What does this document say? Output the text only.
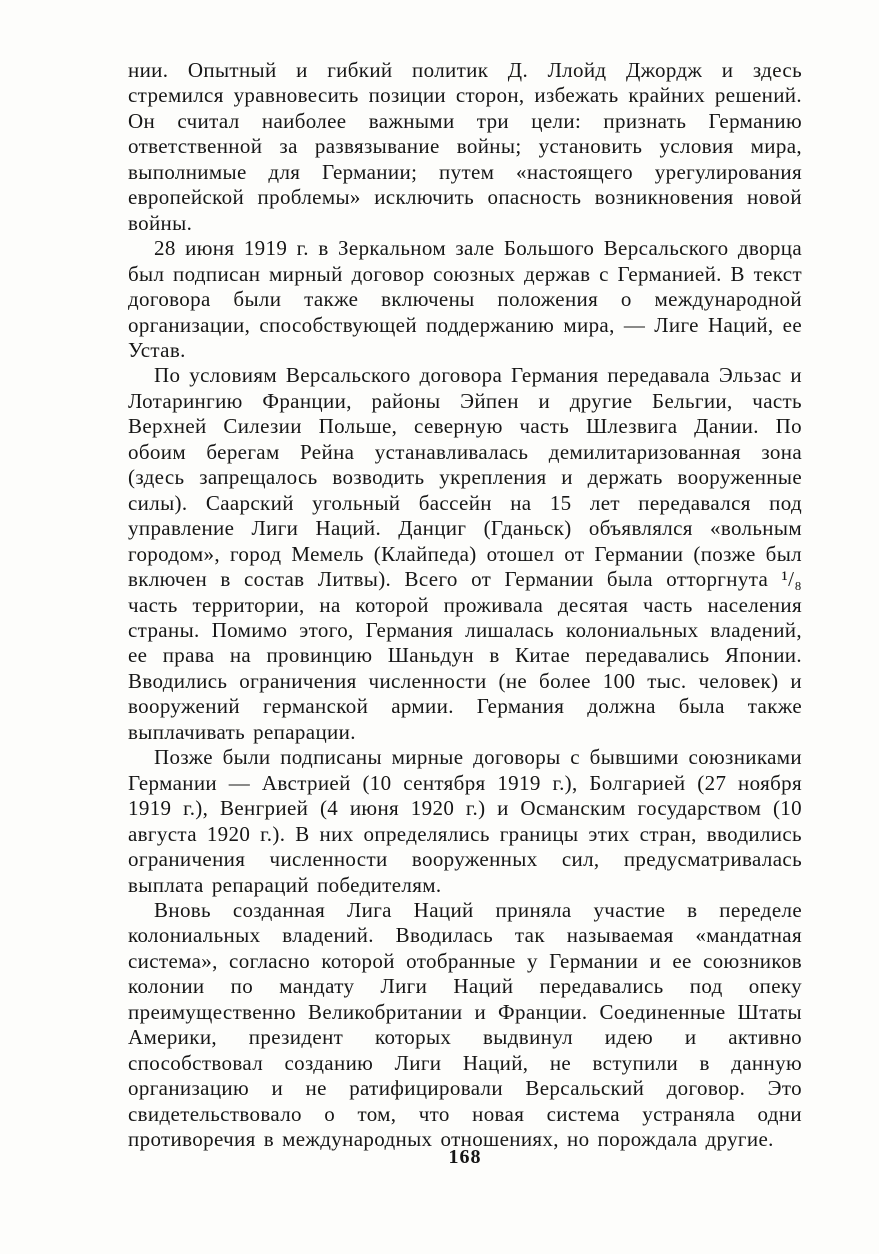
нии. Опытный и гибкий политик Д. Ллойд Джордж и здесь стремился уравновесить позиции сторон, избежать крайних решений. Он считал наиболее важными три цели: признать Германию ответственной за развязывание войны; установить условия мира, выполнимые для Германии; путем «настоящего урегулирования европейской проблемы» исключить опасность возникновения новой войны.

28 июня 1919 г. в Зеркальном зале Большого Версальского дворца был подписан мирный договор союзных держав с Германией. В текст договора были также включены положения о международной организации, способствующей поддержанию мира, — Лиге Наций, ее Устав.

По условиям Версальского договора Германия передавала Эльзас и Лотарингию Франции, районы Эйпен и другие Бельгии, часть Верхней Силезии Польше, северную часть Шлезвига Дании. По обоим берегам Рейна устанавливалась демилитаризованная зона (здесь запрещалось возводить укрепления и держать вооруженные силы). Саарский угольный бассейн на 15 лет передавался под управление Лиги Наций. Данциг (Гданьск) объявлялся «вольным городом», город Мемель (Клайпеда) отошел от Германии (позже был включен в состав Литвы). Всего от Германии была отторгнута ¹/₈ часть территории, на которой проживала десятая часть населения страны. Помимо этого, Германия лишалась колониальных владений, ее права на провинцию Шаньдун в Китае передавались Японии. Вводились ограничения численности (не более 100 тыс. человек) и вооружений германской армии. Германия должна была также выплачивать репарации.

Позже были подписаны мирные договоры с бывшими союзниками Германии — Австрией (10 сентября 1919 г.), Болгарией (27 ноября 1919 г.), Венгрией (4 июня 1920 г.) и Османским государством (10 августа 1920 г.). В них определялись границы этих стран, вводились ограничения численности вооруженных сил, предусматривалась выплата репараций победителям.

Вновь созданная Лига Наций приняла участие в переделе колониальных владений. Вводилась так называемая «мандатная система», согласно которой отобранные у Германии и ее союзников колонии по мандату Лиги Наций передавались под опеку преимущественно Великобритании и Франции. Соединенные Штаты Америки, президент которых выдвинул идею и активно способствовал созданию Лиги Наций, не вступили в данную организацию и не ратифицировали Версальский договор. Это свидетельствовало о том, что новая система устраняла одни противоречия в международных отношениях, но порождала другие.

168
